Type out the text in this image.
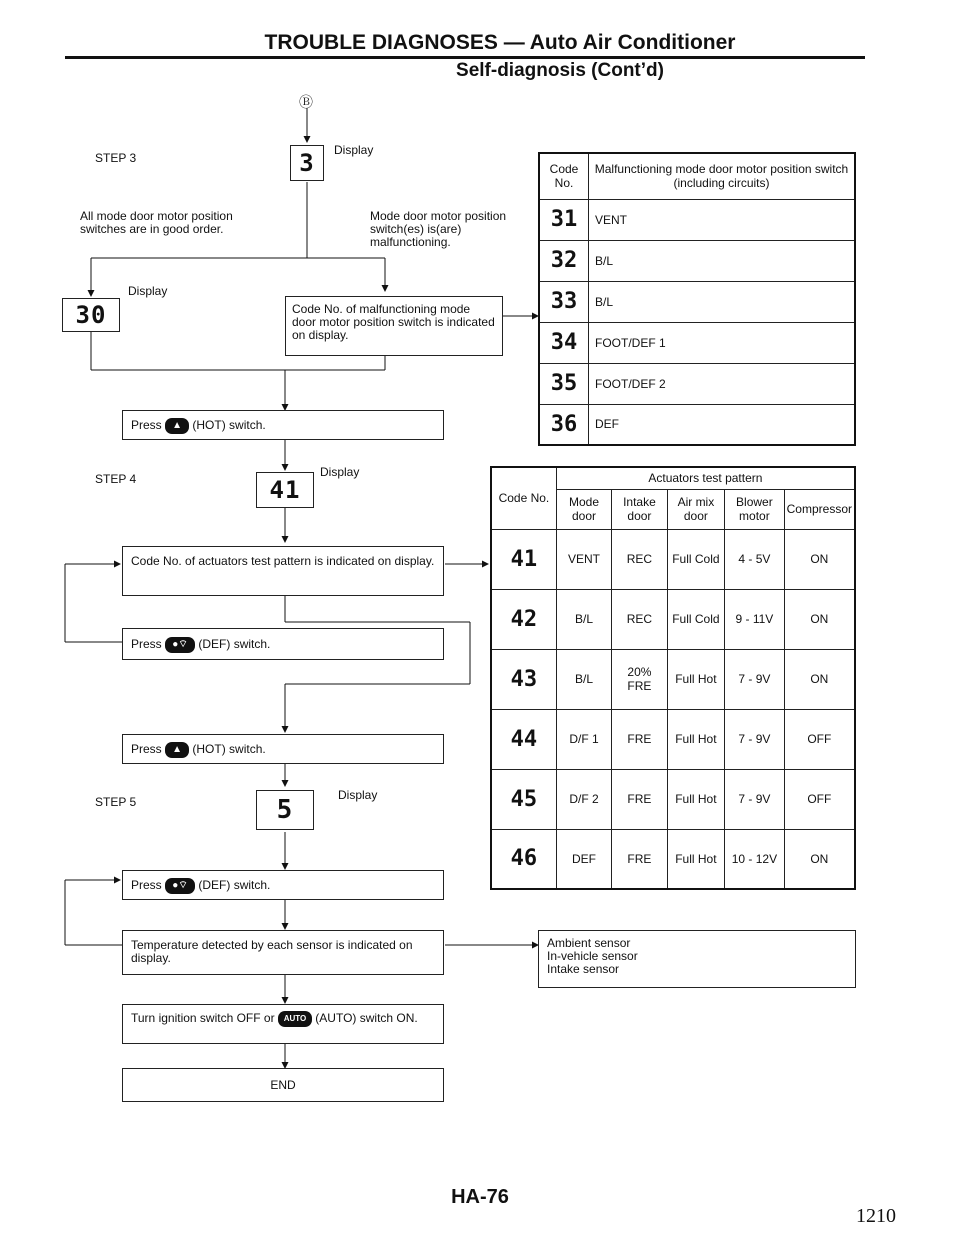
TROUBLE DIAGNOSES — Auto Air Conditioner
Self-diagnosis (Cont’d)
Ⓑ
STEP 3
STEP 4
STEP 5
3	Display
All mode door motor position switches are in good order.
Mode door motor position switch(es) is(are) malfunctioning.
30
Display
Code No. of malfunctioning mode door motor position switch is indicated on display.
Press ▲ (HOT) switch.
41
Display
Code No. of actuators test pattern is indicated on display.
Press ●⌔ (DEF) switch.
Press ▲ (HOT) switch.
5	Display
Press ●⌔ (DEF) switch.
Temperature detected by each sensor is indicated on display.
Ambient sensor
In-vehicle sensor
Intake sensor
Turn ignition switch OFF or AUTO (AUTO) switch ON.
END
Code No.	Malfunctioning mode door motor position switch (including circuits)
31	VENT
32	B/L
33	B/L
34	FOOT/DEF 1
35	FOOT/DEF 2
36	DEF
Code No.	Actuators test pattern				
	Mode door	Intake door	Air mix door	Blower motor	Compressor
41	VENT	REC	Full Cold	4 - 5V	ON
42	B/L	REC	Full Cold	9 - 11V	ON
43	B/L	20% FRE	Full Hot	7 - 9V	ON
44	D/F 1	FRE	Full Hot	7 - 9V	OFF
45	D/F 2	FRE	Full Hot	7 - 9V	OFF
46	DEF	FRE	Full Hot	10 - 12V	ON
HA-76
1210
